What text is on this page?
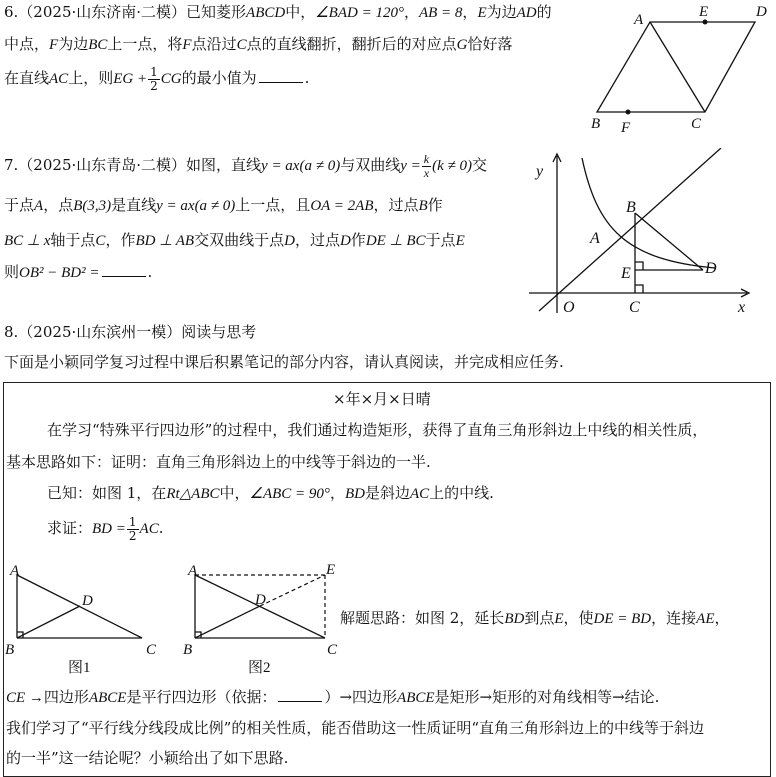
6.（2025·山东济南·二模）已知菱形ABCD中，∠BAD = 120°，AB = 8，E为边AD的
中点，F为边BC上一点，将F点沿过C点的直线翻折，翻折后的对应点G恰好落
在直线AC上，则EG + $\frac{1}{2}$ CG的最小值为	.
A	E	D
B F	C
7.（2025·山东青岛·二模）如图，直线y = ax(a ≠ 0)与双曲线$y = \frac{k}{x} (k \ne 0)$交
于点A，点B(3,3)是直线y = ax(a ≠ 0)上一点，且OA = 2AB，过点B作
BC ⊥ x轴于点C，作BD ⊥ AB交双曲线于点D，过点D作DE ⊥ BC于点E
则OB² − BD² =	.
y
B
A
E	D
O	C	x
8.（2025·山东滨州一模）阅读与思考
下面是小颖同学复习过程中课后积累笔记的部分内容，请认真阅读，并完成相应任务.
×年×月×日晴
在学习“特殊平行四边形”的过程中，我们通过构造矩形，获得了直角三角形斜边上中线的相关性质，
基本思路如下：证明：直角三角形斜边上的中线等于斜边的一半.
已知：如图 1，在Rt△ABC中，∠ABC = 90°，BD是斜边AC上的中线.
求证：BD = $\frac{1}{2}$ AC.
A
D
B	C
图1
A	E
D
B	C
图2
解题思路：如图 2，延长BD到点E，使DE = BD，连接AE，
CE →四边形ABCE是平行四边形（依据：	）→四边形ABCE是矩形→矩形的对角线相等→结论.
我们学习了“平行线分线段成比例”的相关性质，能否借助这一性质证明“直角三角形斜边上的中线等于斜边
的一半”这一结论呢？小颖给出了如下思路.
